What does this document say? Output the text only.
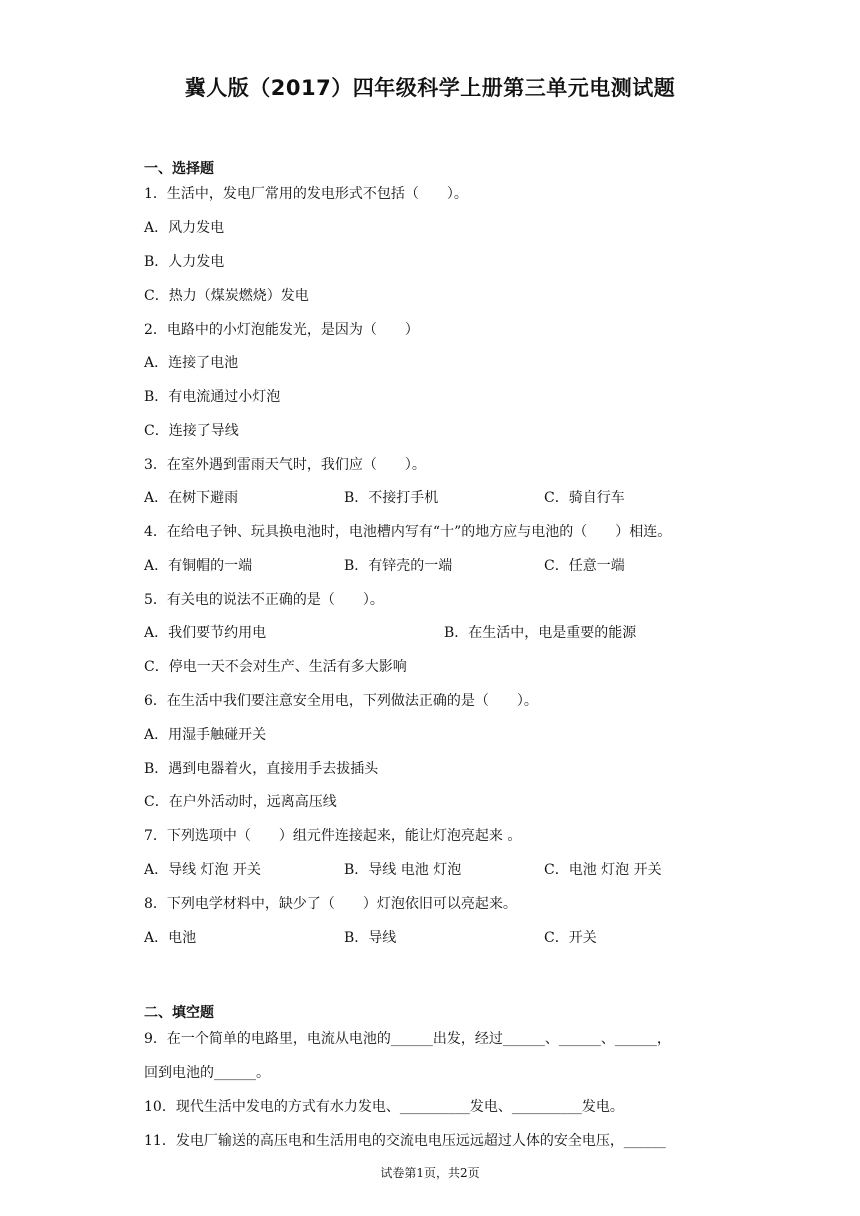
冀人版（2017）四年级科学上册第三单元电测试题
一、选择题
1．生活中，发电厂常用的发电形式不包括（　　）。
A．风力发电
B．人力发电
C．热力（煤炭燃烧）发电
2．电路中的小灯泡能发光，是因为（　　）
A．连接了电池
B．有电流通过小灯泡
C．连接了导线
3．在室外遇到雷雨天气时，我们应（　　）。
A．在树下避雨	B．不接打手机	C．骑自行车
4．在给电子钟、玩具换电池时，电池槽内写有“十”的地方应与电池的（　　）相连。
A．有铜帽的一端	B．有锌壳的一端	C．任意一端
5．有关电的说法不正确的是（　　）。
A．我们要节约用电	B．在生活中，电是重要的能源
C．停电一天不会对生产、生活有多大影响
6．在生活中我们要注意安全用电，下列做法正确的是（　　）。
A．用湿手触碰开关
B．遇到电器着火，直接用手去拔插头
C．在户外活动时，远离高压线
7．下列选项中（　　）组元件连接起来，能让灯泡亮起来 。
A．导线 灯泡 开关	B．导线 电池 灯泡	C．电池 灯泡 开关
8．下列电学材料中，缺少了（　　）灯泡依旧可以亮起来。
A．电池	B．导线	C．开关
二、填空题
9．在一个简单的电路里，电流从电池的______出发，经过______、______、______，
回到电池的______。
10．现代生活中发电的方式有水力发电、__________发电、__________发电。
11．发电厂输送的高压电和生活用电的交流电电压远远超过人体的安全电压，______
试卷第1页，共2页
